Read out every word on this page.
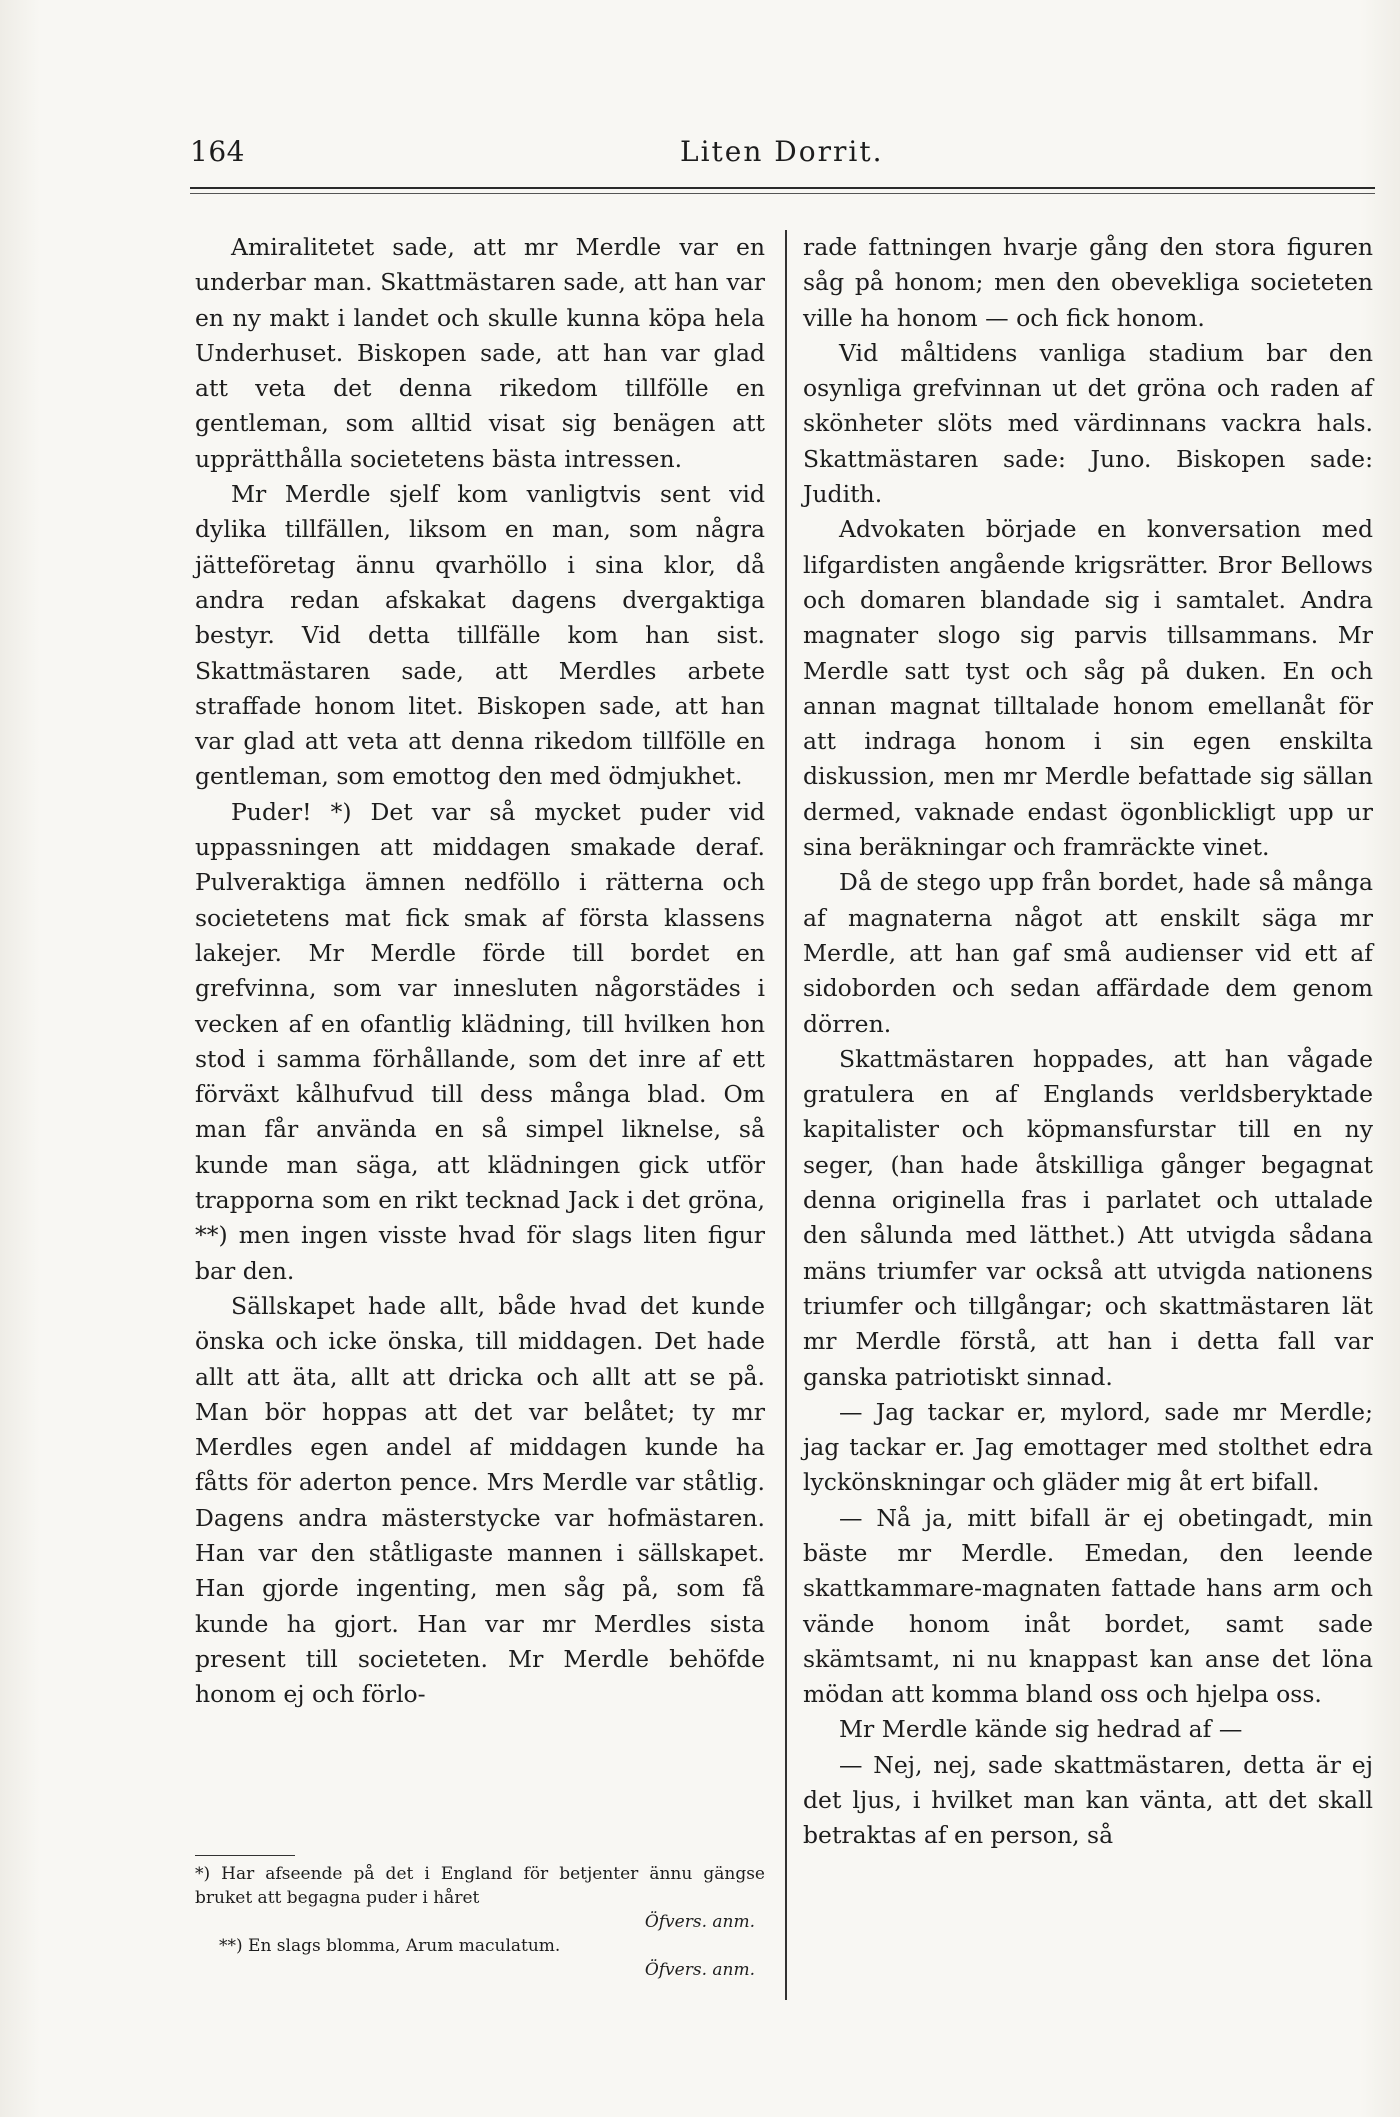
164	Liten Dorrit.

Amiralitetet sade, att mr Merdle var en underbar man. Skattmästaren sade, att han var en ny makt i landet och skulle kunna köpa hela Underhuset. Biskopen sade, att han var glad att veta det denna rikedom tillfölle en gentleman, som alltid visat sig benägen att upprätthålla societetens bästa intressen.

Mr Merdle sjelf kom vanligtvis sent vid dylika tillfällen, liksom en man, som några jätteföretag ännu qvarhöllo i sina klor, då andra redan afskakat dagens dvergaktiga bestyr. Vid detta tillfälle kom han sist. Skattmästaren sade, att Merdles arbete straffade honom litet. Biskopen sade, att han var glad att veta att denna rikedom tillfölle en gentleman, som emottog den med ödmjukhet.

Puder! *) Det var så mycket puder vid uppassningen att middagen smakade deraf. Pulveraktiga ämnen nedföllo i rätterna och societetens mat fick smak af första klassens lakejer. Mr Merdle förde till bordet en grefvinna, som var innesluten någorstädes i vecken af en ofantlig klädning, till hvilken hon stod i samma förhållande, som det inre af ett förväxt kålhufvud till dess många blad. Om man får använda en så simpel liknelse, så kunde man säga, att klädningen gick utför trapporna som en rikt tecknad Jack i det gröna, **) men ingen visste hvad för slags liten figur bar den.

Sällskapet hade allt, både hvad det kunde önska och icke önska, till middagen. Det hade allt att äta, allt att dricka och allt att se på. Man bör hoppas att det var belåtet; ty mr Merdles egen andel af middagen kunde ha fåtts för aderton pence. Mrs Merdle var ståtlig. Dagens andra mästerstycke var hofmästaren. Han var den ståtligaste mannen i sällskapet. Han gjorde ingenting, men såg på, som få kunde ha gjort. Han var mr Merdles sista present till societeten. Mr Merdle behöfde honom ej och förlo-

rade fattningen hvarje gång den stora figuren såg på honom; men den obevekliga societeten ville ha honom — och fick honom.

Vid måltidens vanliga stadium bar den osynliga grefvinnan ut det gröna och raden af skönheter slöts med värdinnans vackra hals. Skattmästaren sade: Juno. Biskopen sade: Judith.

Advokaten började en konversation med lifgardisten angående krigsrätter. Bror Bellows och domaren blandade sig i samtalet. Andra magnater slogo sig parvis tillsammans. Mr Merdle satt tyst och såg på duken. En och annan magnat tilltalade honom emellanåt för att indraga honom i sin egen enskilta diskussion, men mr Merdle befattade sig sällan dermed, vaknade endast ögonblickligt upp ur sina beräkningar och framräckte vinet.

Då de stego upp från bordet, hade så många af magnaterna något att enskilt säga mr Merdle, att han gaf små audienser vid ett af sidoborden och sedan affärdade dem genom dörren.

Skattmästaren hoppades, att han vågade gratulera en af Englands verldsberyktade kapitalister och köpmansfurstar till en ny seger, (han hade åtskilliga gånger begagnat denna originella fras i parlatet och uttalade den sålunda med lätthet.) Att utvigda sådana mäns triumfer var också att utvigda nationens triumfer och tillgångar; och skattmästaren lät mr Merdle förstå, att han i detta fall var ganska patriotiskt sinnad.

— Jag tackar er, mylord, sade mr Merdle; jag tackar er. Jag emottager med stolthet edra lyckönskningar och gläder mig åt ert bifall.

— Nå ja, mitt bifall är ej obetingadt, min bäste mr Merdle. Emedan, den leende skattkammare-magnaten fattade hans arm och vände honom inåt bordet, samt sade skämtsamt, ni nu knappast kan anse det löna mödan att komma bland oss och hjelpa oss.

Mr Merdle kände sig hedrad af —

— Nej, nej, sade skattmästaren, detta är ej det ljus, i hvilket man kan vänta, att det skall betraktas af en person, så

*) Har afseende på det i England för betjenter ännu gängse bruket att begagna puder i håret

Öfvers. anm.

**) En slags blomma, Arum maculatum.

Öfvers. anm.
